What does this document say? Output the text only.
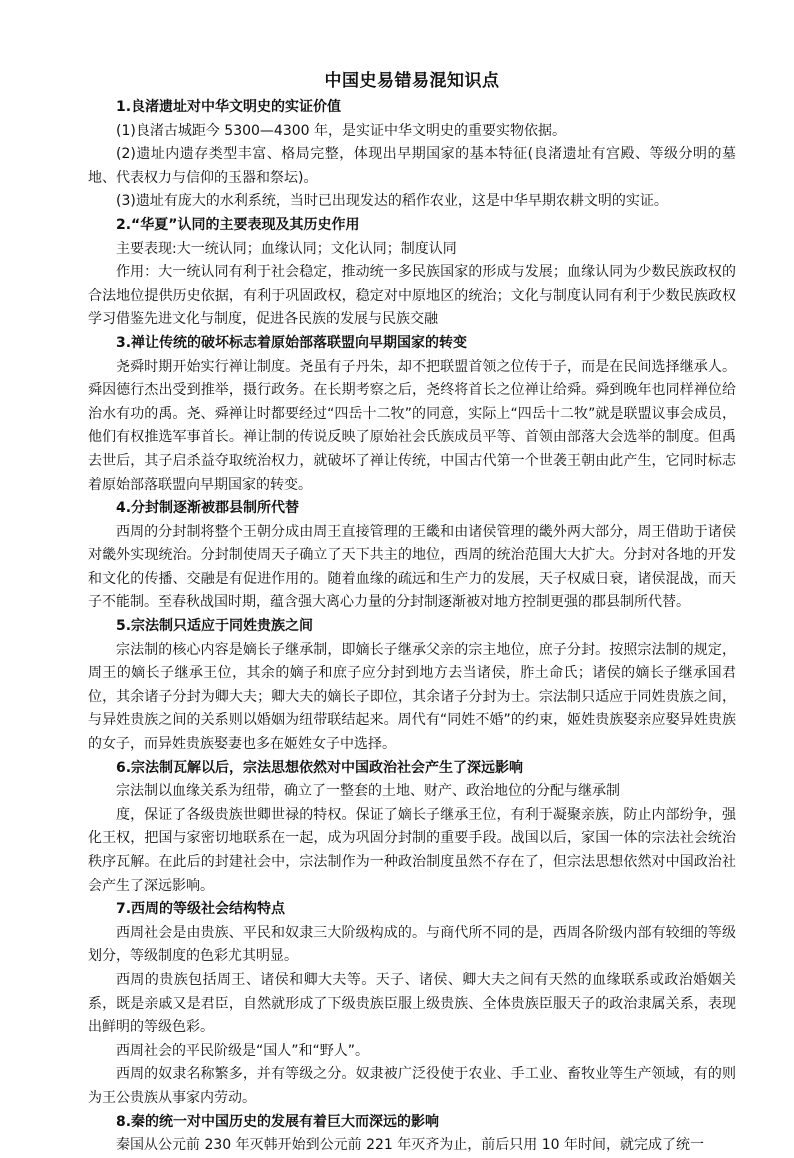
中国史易错易混知识点

1.良渚遗址对中华文明史的实证价值

(1)良渚古城距今 5300—4300 年，是实证中华文明史的重要实物依据。

(2)遗址内遗存类型丰富、格局完整，体现出早期国家的基本特征(良渚遗址有宫殿、等级分明的墓地、代表权力与信仰的玉器和祭坛)。

(3)遗址有庞大的水利系统，当时已出现发达的稻作农业，这是中华早期农耕文明的实证。

2.“华夏”认同的主要表现及其历史作用

主要表现:大一统认同；血缘认同；文化认同；制度认同

作用：大一统认同有利于社会稳定，推动统一多民族国家的形成与发展；血缘认同为少数民族政权的合法地位提供历史依据，有利于巩固政权，稳定对中原地区的统治；文化与制度认同有利于少数民族政权学习借鉴先进文化与制度，促进各民族的发展与民族交融

3.禅让传统的破坏标志着原始部落联盟向早期国家的转变

尧舜时期开始实行禅让制度。尧虽有子丹朱，却不把联盟首领之位传于子，而是在民间选择继承人。舜因德行杰出受到推举，摄行政务。在长期考察之后，尧终将首长之位禅让给舜。舜到晚年也同样禅位给治水有功的禹。尧、舜禅让时都要经过“四岳十二牧”的同意，实际上“四岳十二牧”就是联盟议事会成员，他们有权推选军事首长。禅让制的传说反映了原始社会氏族成员平等、首领由部落大会选举的制度。但禹去世后，其子启杀益夺取统治权力，就破坏了禅让传统，中国古代第一个世袭王朝由此产生，它同时标志着原始部落联盟向早期国家的转变。

4.分封制逐渐被郡县制所代替

西周的分封制将整个王朝分成由周王直接管理的王畿和由诸侯管理的畿外两大部分，周王借助于诸侯对畿外实现统治。分封制使周天子确立了天下共主的地位，西周的统治范围大大扩大。分封对各地的开发和文化的传播、交融是有促进作用的。随着血缘的疏远和生产力的发展，天子权威日衰，诸侯混战，而天子不能制。至春秋战国时期，蕴含强大离心力量的分封制逐渐被对地方控制更强的郡县制所代替。

5.宗法制只适应于同姓贵族之间

宗法制的核心内容是嫡长子继承制，即嫡长子继承父亲的宗主地位，庶子分封。按照宗法制的规定，周王的嫡长子继承王位，其余的嫡子和庶子应分封到地方去当诸侯，胙土命氏；诸侯的嫡长子继承国君位，其余诸子分封为卿大夫；卿大夫的嫡长子即位，其余诸子分封为士。宗法制只适应于同姓贵族之间，与异姓贵族之间的关系则以婚姻为纽带联结起来。周代有“同姓不婚”的约束，姬姓贵族娶亲应娶异姓贵族的女子，而异姓贵族娶妻也多在姬姓女子中选择。

6.宗法制瓦解以后，宗法思想依然对中国政治社会产生了深远影响

宗法制以血缘关系为纽带，确立了一整套的土地、财产、政治地位的分配与继承制

度，保证了各级贵族世卿世禄的特权。保证了嫡长子继承王位，有利于凝聚亲族，防止内部纷争，强化王权，把国与家密切地联系在一起，成为巩固分封制的重要手段。战国以后，家国一体的宗法社会统治秩序瓦解。在此后的封建社会中，宗法制作为一种政治制度虽然不存在了，但宗法思想依然对中国政治社会产生了深远影响。

7.西周的等级社会结构特点

西周社会是由贵族、平民和奴隶三大阶级构成的。与商代所不同的是，西周各阶级内部有较细的等级划分，等级制度的色彩尤其明显。

西周的贵族包括周王、诸侯和卿大夫等。天子、诸侯、卿大夫之间有天然的血缘联系或政治婚姻关系，既是亲戚又是君臣，自然就形成了下级贵族臣服上级贵族、全体贵族臣服天子的政治隶属关系，表现出鲜明的等级色彩。

西周社会的平民阶级是“国人”和“野人”。

西周的奴隶名称繁多，并有等级之分。奴隶被广泛役使于农业、手工业、畜牧业等生产领域，有的则为王公贵族从事家内劳动。

8.秦的统一对中国历史的发展有着巨大而深远的影响

秦国从公元前 230 年灭韩开始到公元前 221 年灭齐为止，前后只用 10 年时间，就完成了统一
